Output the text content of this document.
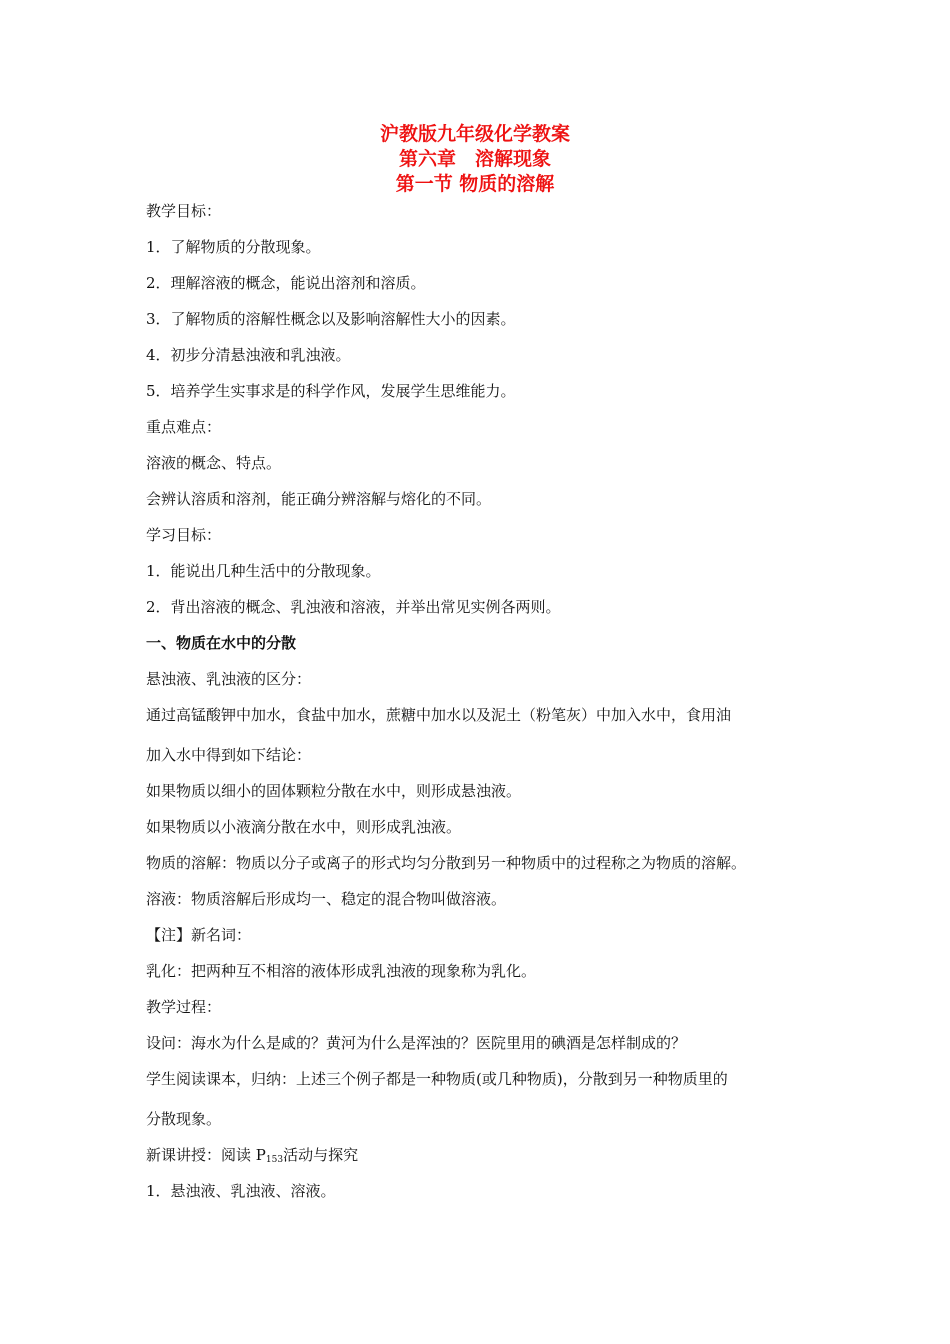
沪教版九年级化学教案
第六章　溶解现象
第一节 物质的溶解
教学目标：
1．了解物质的分散现象。
2．理解溶液的概念，能说出溶剂和溶质。
3．了解物质的溶解性概念以及影响溶解性大小的因素。
4．初步分清悬浊液和乳浊液。
5．培养学生实事求是的科学作风，发展学生思维能力。
重点难点：
溶液的概念、特点。
会辨认溶质和溶剂，能正确分辨溶解与熔化的不同。
学习目标：
1．能说出几种生活中的分散现象。
2．背出溶液的概念、乳浊液和溶液，并举出常见实例各两则。
一、物质在水中的分散
悬浊液、乳浊液的区分：
通过高锰酸钾中加水，食盐中加水，蔗糖中加水以及泥土（粉笔灰）中加入水中，食用油
加入水中得到如下结论：
如果物质以细小的固体颗粒分散在水中，则形成悬浊液。
如果物质以小液滴分散在水中，则形成乳浊液。
物质的溶解：物质以分子或离子的形式均匀分散到另一种物质中的过程称之为物质的溶解。
溶液：物质溶解后形成均一、稳定的混合物叫做溶液。
【注】新名词：
乳化：把两种互不相溶的液体形成乳浊液的现象称为乳化。
教学过程：
设问：海水为什么是咸的？黄河为什么是浑浊的？医院里用的碘酒是怎样制成的？
学生阅读课本，归纳：上述三个例子都是一种物质(或几种物质)，分散到另一种物质里的
分散现象。
新课讲授：阅读 $P_{153}$活动与探究
1．悬浊液、乳浊液、溶液。
